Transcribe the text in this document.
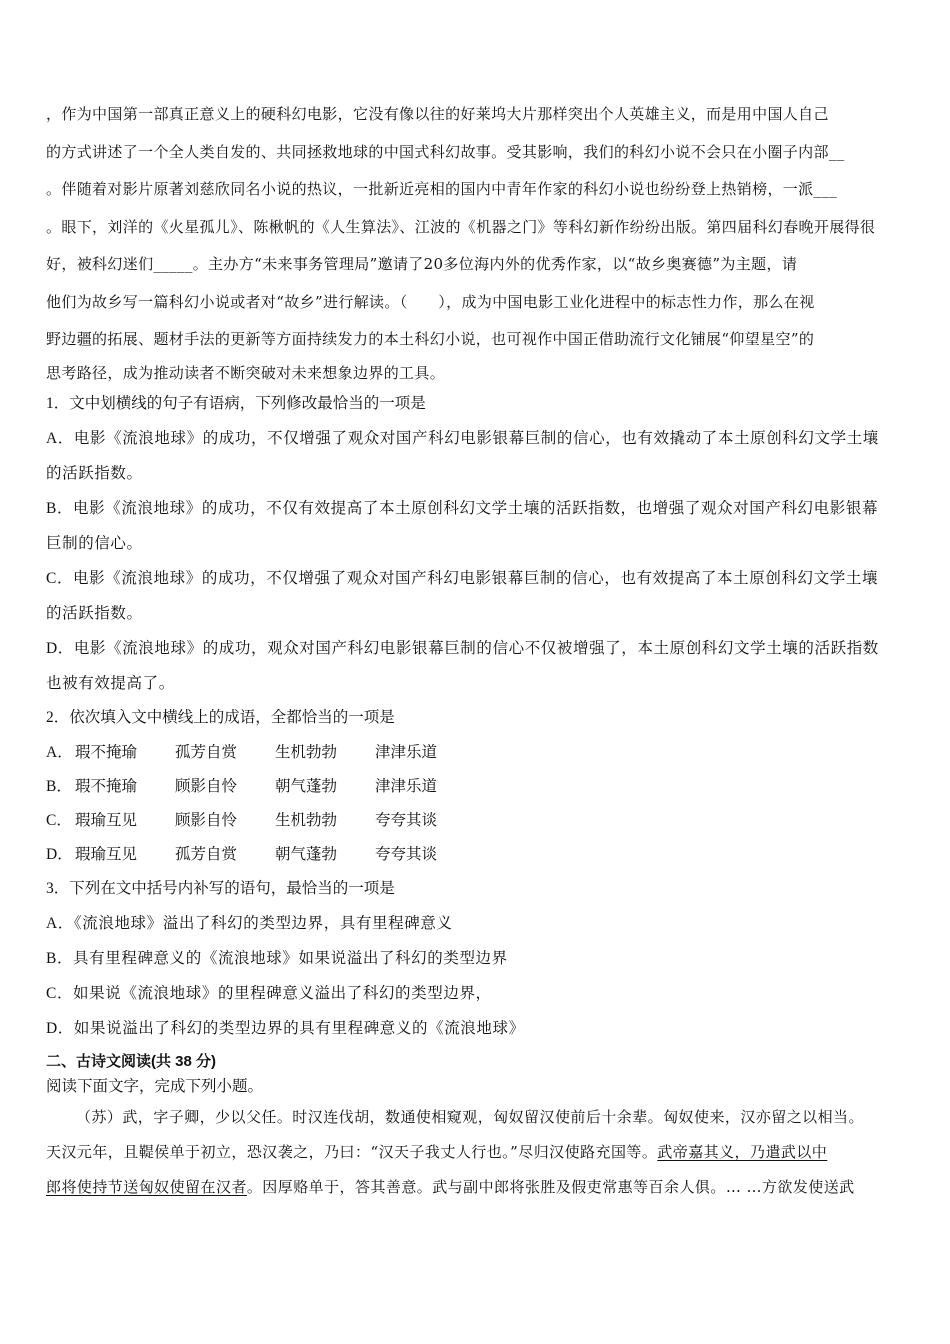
，作为中国第一部真正意义上的硬科幻电影，它没有像以往的好莱坞大片那样突出个人英雄主义，而是用中国人自己

的方式讲述了一个全人类自发的、共同拯救地球的中国式科幻故事。受其影响，我们的科幻小说不会只在小圈子内部__

。伴随着对影片原著刘慈欣同名小说的热议，一批新近亮相的国内中青年作家的科幻小说也纷纷登上热销榜，一派___

。眼下，刘洋的《火星孤儿》、陈楸帆的《人生算法》、江波的《机器之门》等科幻新作纷纷出版。第四届科幻春晚开展得很

好，被科幻迷们_____。主办方“未来事务管理局”邀请了20多位海内外的优秀作家，以“故乡奥赛德”为主题，请

他们为故乡写一篇科幻小说或者对“故乡”进行解读。（　　），成为中国电影工业化进程中的标志性力作，那么在视

野边疆的拓展、题材手法的更新等方面持续发力的本土科幻小说，也可视作中国正借助流行文化铺展“仰望星空”的

思考路径，成为推动读者不断突破对未来想象边界的工具。

1．文中划横线的句子有语病，下列修改最恰当的一项是

A．电影《流浪地球》的成功，不仅增强了观众对国产科幻电影银幕巨制的信心，也有效撬动了本土原创科幻文学土壤

的活跃指数。

B．电影《流浪地球》的成功，不仅有效提高了本土原创科幻文学土壤的活跃指数，也增强了观众对国产科幻电影银幕

巨制的信心。

C．电影《流浪地球》的成功，不仅增强了观众对国产科幻电影银幕巨制的信心，也有效提高了本土原创科幻文学土壤

的活跃指数。

D．电影《流浪地球》的成功，观众对国产科幻电影银幕巨制的信心不仅被增强了，本土原创科幻文学土壤的活跃指数

也被有效提高了。

2．依次填入文中横线上的成语，全都恰当的一项是

A． 瑕不掩瑜	孤芳自赏	生机勃勃	津津乐道
B． 瑕不掩瑜	顾影自怜	朝气蓬勃	津津乐道
C． 瑕瑜互见	顾影自怜	生机勃勃	夸夸其谈
D． 瑕瑜互见	孤芳自赏	朝气蓬勃	夸夸其谈

3．下列在文中括号内补写的语句，最恰当的一项是

A．《流浪地球》溢出了科幻的类型边界，具有里程碑意义

B．具有里程碑意义的《流浪地球》如果说溢出了科幻的类型边界

C．如果说《流浪地球》的里程碑意义溢出了科幻的类型边界，

D．如果说溢出了科幻的类型边界的具有里程碑意义的《流浪地球》

二、古诗文阅读(共 38 分)
阅读下面文字，完成下列小题。

（苏）武，字子卿，少以父任。时汉连伐胡，数通使相窥观，匈奴留汉使前后十余辈。匈奴使来，汉亦留之以相当。

天汉元年，且鞮侯单于初立，恐汉袭之，乃曰：“汉天子我丈人行也。”尽归汉使路充国等。武帝嘉其义，乃遣武以中

郎将使持节送匈奴使留在汉者。因厚赂单于，答其善意。武与副中郎将张胜及假吏常惠等百余人俱。… …方欲发使送武
